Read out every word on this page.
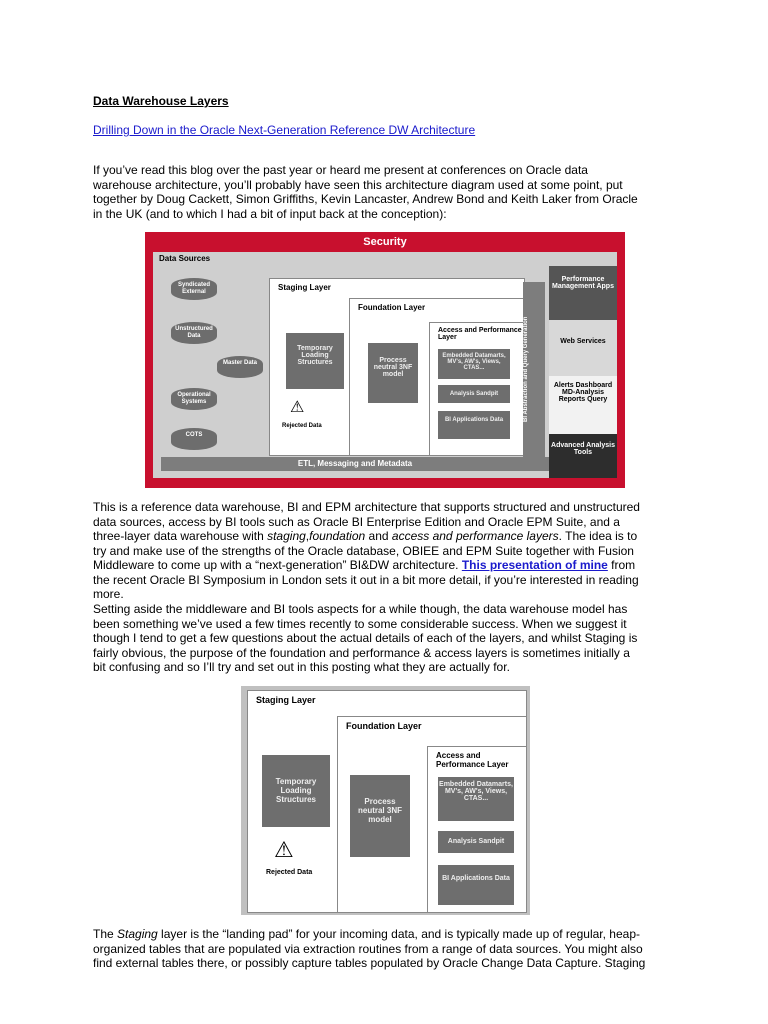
Data Warehouse Layers
Drilling Down in the Oracle Next-Generation Reference DW Architecture
If you’ve read this blog over the past year or heard me present at conferences on Oracle data
warehouse architecture, you’ll probably have seen this architecture diagram used at some point, put
together by Doug Cackett, Simon Griffiths, Kevin Lancaster, Andrew Bond and Keith Laker from Oracle
in the UK (and to which I had a bit of input back at the conception):
Security
Data Sources
Syndicated External
Unstructured Data
Master Data
Operational Systems
COTS
Staging Layer
Temporary Loading Structures
⚠
Rejected Data
Foundation Layer
Process neutral 3NF model
Access and Performance Layer
Embedded Datamarts, MV's, AW's, Views, CTAS...
Analysis Sandpit
BI Applications Data	BI Abstraction and Query Generation
Performance Management Apps
Web Services
Alerts Dashboard MD-Analysis Reports Query
Advanced Analysis Tools
ETL, Messaging and Metadata
This is a reference data warehouse, BI and EPM architecture that supports structured and unstructured
data sources, access by BI tools such as Oracle BI Enterprise Edition and Oracle EPM Suite, and a
three-layer data warehouse with staging,foundation and access and performance layers. The idea is to
try and make use of the strengths of the Oracle database, OBIEE and EPM Suite together with Fusion
Middleware to come up with a “next-generation” BI&DW architecture. This presentation of mine from
the recent Oracle BI Symposium in London sets it out in a bit more detail, if you’re interested in reading
more.
Setting aside the middleware and BI tools aspects for a while though, the data warehouse model has
been something we’ve used a few times recently to some considerable success. When we suggest it
though I tend to get a few questions about the actual details of each of the layers, and whilst Staging is
fairly obvious, the purpose of the foundation and performance & access layers is sometimes initially a
bit confusing and so I’ll try and set out in this posting what they are actually for.
Staging Layer
Temporary Loading Structures
⚠
Rejected Data
Foundation Layer
Process neutral 3NF model
Access and Performance Layer
Embedded Datamarts, MV's, AW's, Views, CTAS...
Analysis Sandpit
BI Applications Data
The Staging layer is the “landing pad” for your incoming data, and is typically made up of regular, heap-
organized tables that are populated via extraction routines from a range of data sources. You might also
find external tables there, or possibly capture tables populated by Oracle Change Data Capture. Staging
